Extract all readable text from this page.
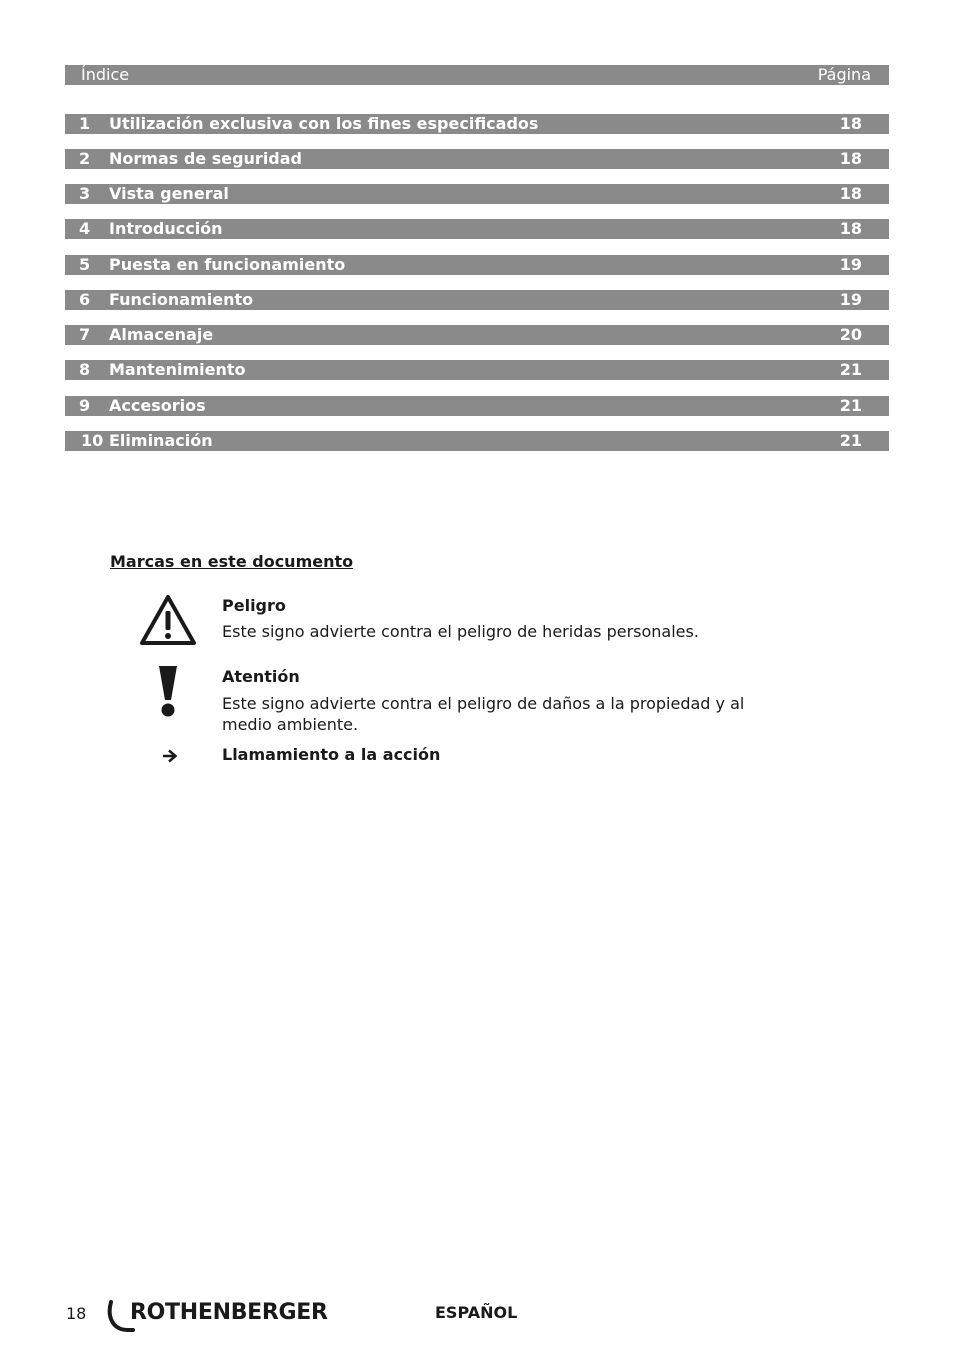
Índice	Página
1 Utilización exclusiva con los fines especificados	18
2 Normas de seguridad	18
3 Vista general	18
4 Introducción	18
5 Puesta en funcionamiento	19
6 Funcionamiento	19
7 Almacenaje	20
8 Mantenimiento	21
9 Accesorios	21
10 Eliminación	21
Marcas en este documento
Peligro
Este signo advierte contra el peligro de heridas personales.
Atentión
Este signo advierte contra el peligro de daños a la propiedad y al medio ambiente.
Llamamiento a la acción
18 ROTHENBERGER	ESPAÑOL
